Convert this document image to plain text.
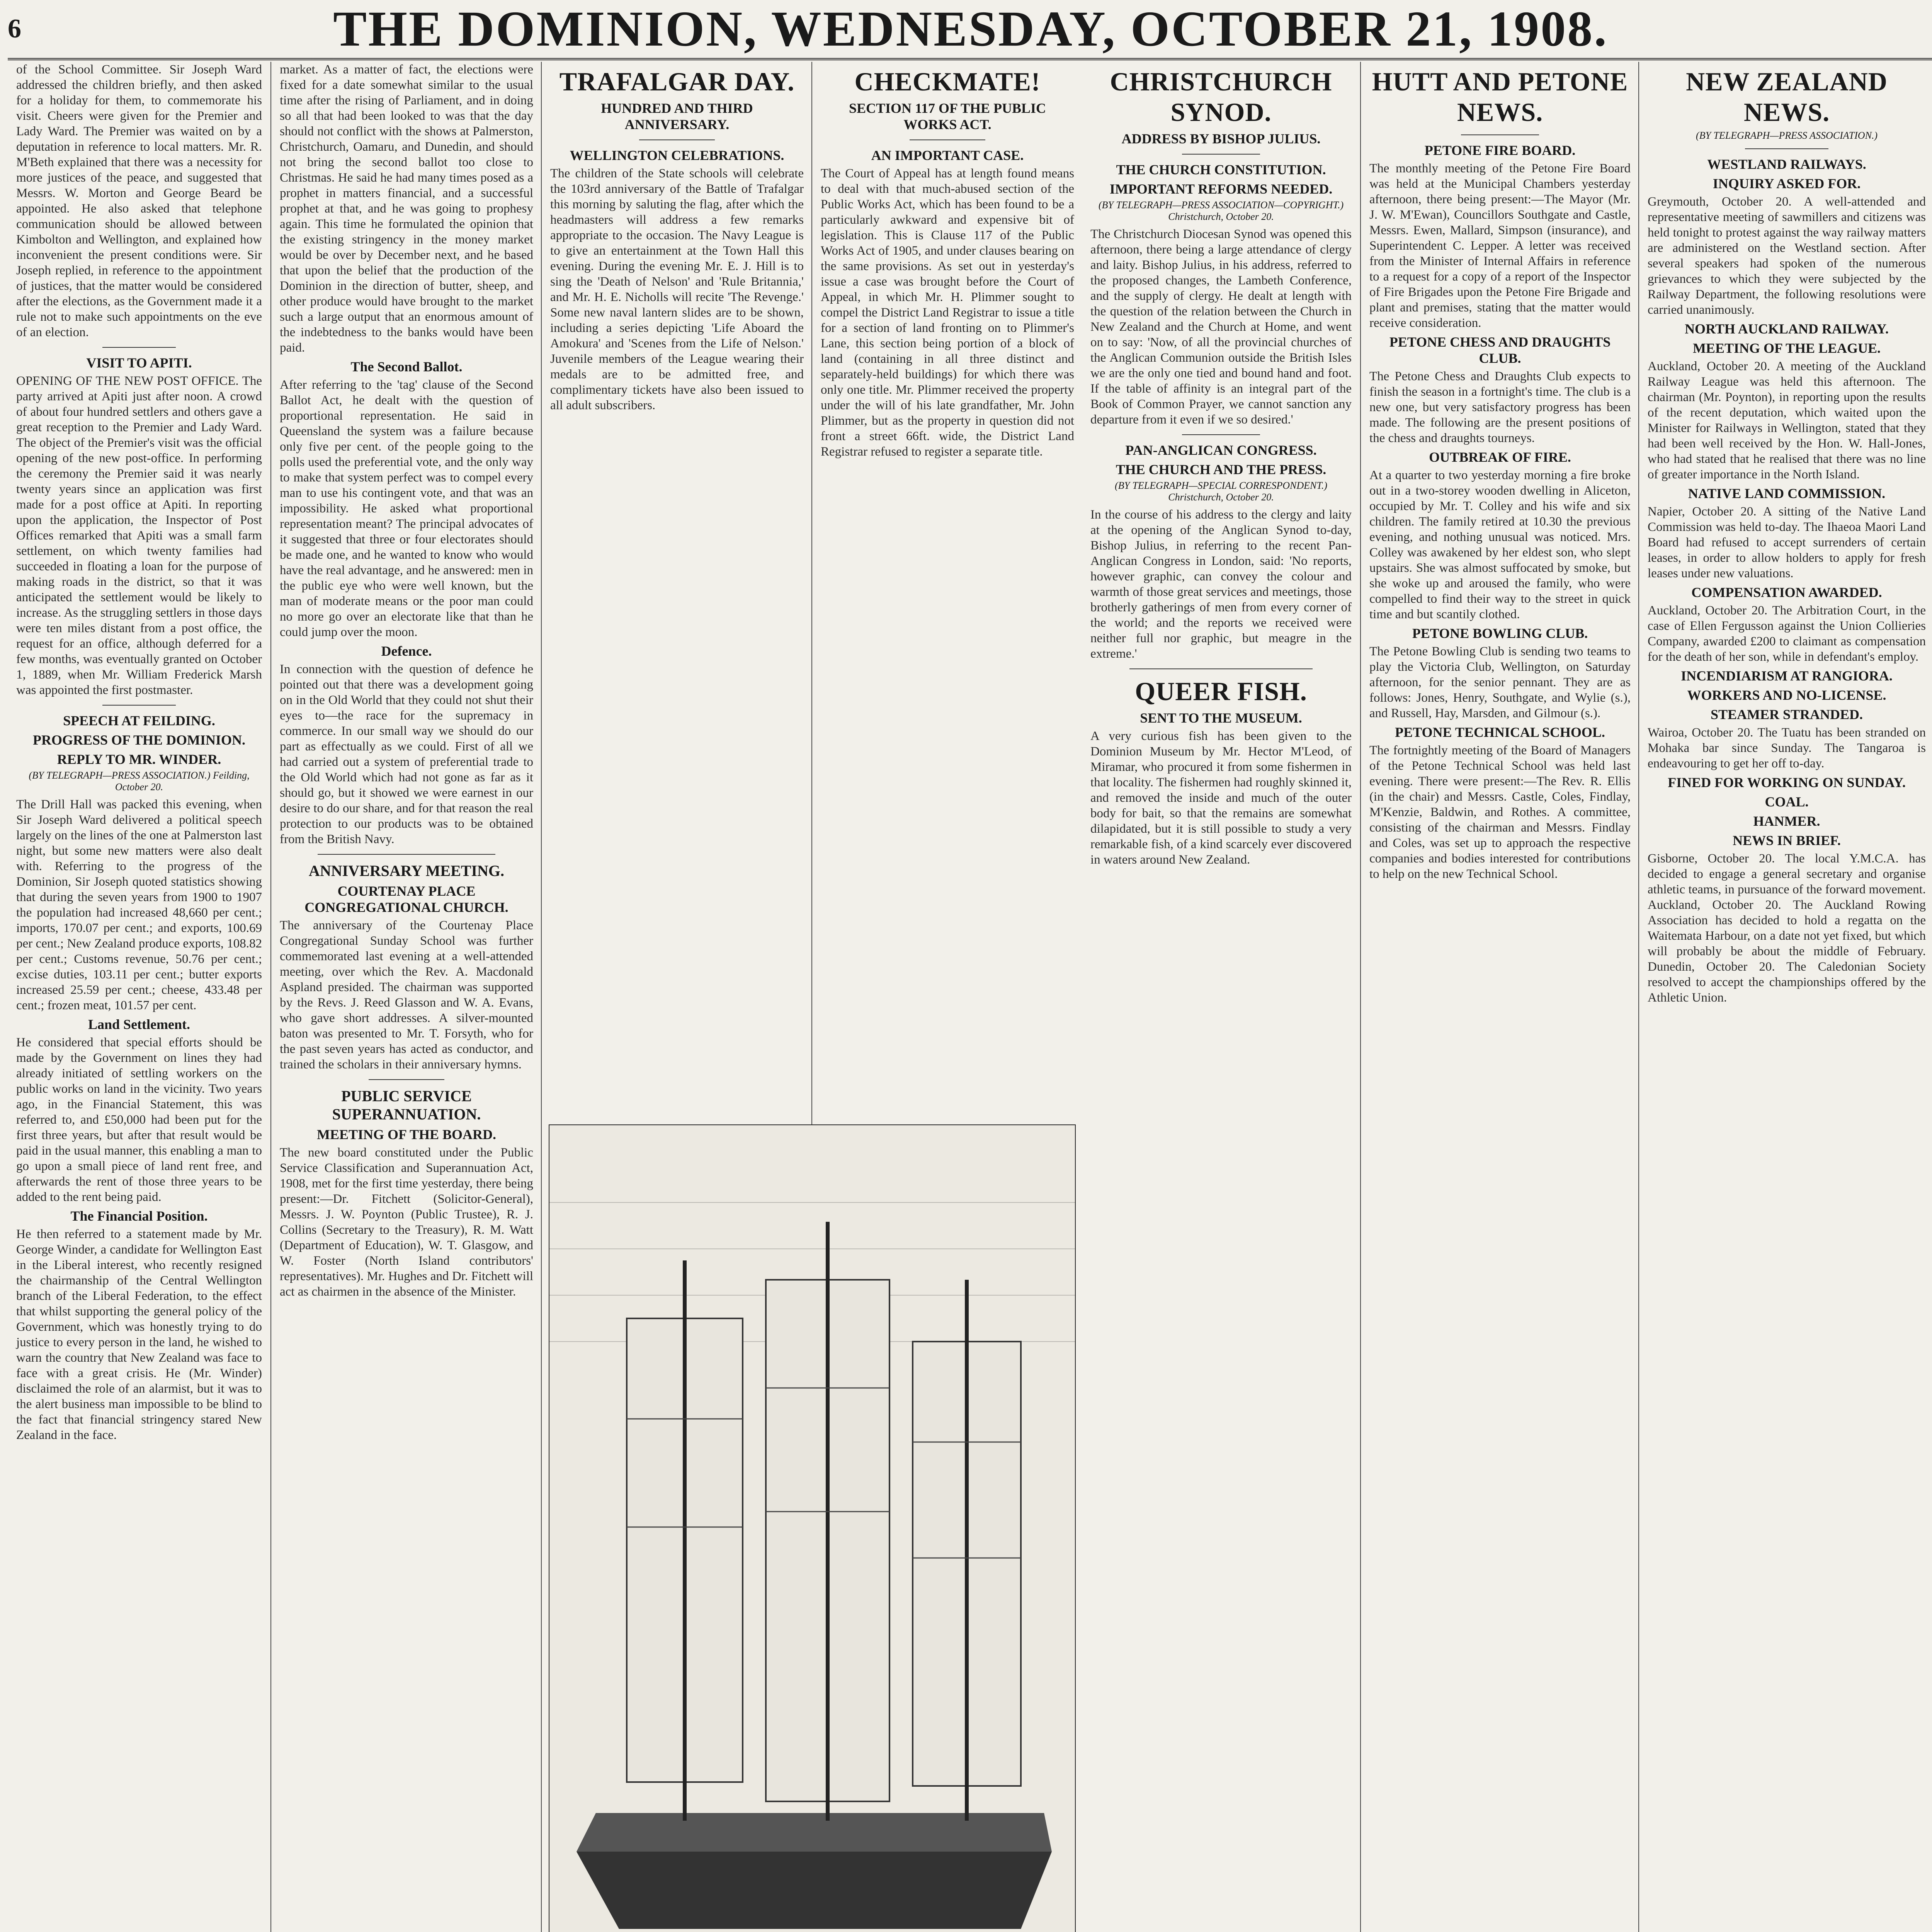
6	THE DOMINION, WEDNESDAY, OCTOBER 21, 1908.
of the School Committee. Sir Joseph Ward addressed the children briefly, and then asked for a holiday for them, to commemorate his visit. Cheers were given for the Premier and Lady Ward. The Premier was waited on by a deputation in reference to local matters. Mr. R. M'Beth explained that there was a necessity for more justices of the peace, and suggested that Messrs. W. Morton and George Beard be appointed. He also asked that telephone communication should be allowed between Kimbolton and Wellington, and explained how inconvenient the present conditions were. Sir Joseph replied, in reference to the appointment of justices, that the matter would be considered after the elections, as the Government made it a rule not to make such appointments on the eve of an election.
VISIT TO APITI.
OPENING OF THE NEW POST OFFICE. The party arrived at Apiti just after noon. A crowd of about four hundred settlers and others gave a great reception to the Premier and Lady Ward. The object of the Premier's visit was the official opening of the new post-office. In performing the ceremony the Premier said it was nearly twenty years since an application was first made for a post office at Apiti. In reporting upon the application, the Inspector of Post Offices remarked that Apiti was a small farm settlement, on which twenty families had succeeded in floating a loan for the purpose of making roads in the district, so that it was anticipated the settlement would be likely to increase. As the struggling settlers in those days were ten miles distant from a post office, the request for an office, although deferred for a few months, was eventually granted on October 1, 1889, when Mr. William Frederick Marsh was appointed the first postmaster.
SPEECH AT FEILDING.
PROGRESS OF THE DOMINION.
REPLY TO MR. WINDER.
(BY TELEGRAPH—PRESS ASSOCIATION.) Feilding, October 20.
The Drill Hall was packed this evening, when Sir Joseph Ward delivered a political speech largely on the lines of the one at Palmerston last night, but some new matters were also dealt with. Referring to the progress of the Dominion, Sir Joseph quoted statistics showing that during the seven years from 1900 to 1907 the population had increased 48,660 per cent.; imports, 170.07 per cent.; and exports, 100.69 per cent.; New Zealand produce exports, 108.82 per cent.; Customs revenue, 50.76 per cent.; excise duties, 103.11 per cent.; butter exports increased 25.59 per cent.; cheese, 433.48 per cent.; frozen meat, 101.57 per cent.
Land Settlement.
He considered that special efforts should be made by the Government on lines they had already initiated of settling workers on the public works on land in the vicinity. Two years ago, in the Financial Statement, this was referred to, and £50,000 had been put for the first three years, but after that result would be paid in the usual manner, this enabling a man to go upon a small piece of land rent free, and afterwards the rent of those three years to be added to the rent being paid.
The Financial Position.
He then referred to a statement made by Mr. George Winder, a candidate for Wellington East in the Liberal interest, who recently resigned the chairmanship of the Central Wellington branch of the Liberal Federation, to the effect that whilst supporting the general policy of the Government, which was honestly trying to do justice to every person in the land, he wished to warn the country that New Zealand was face to face with a great crisis. He (Mr. Winder) disclaimed the role of an alarmist, but it was to the alert business man impossible to be blind to the fact that financial stringency stared New Zealand in the face.
market. As a matter of fact, the elections were fixed for a date somewhat similar to the usual time after the rising of Parliament, and in doing so all that had been looked to was that the day should not conflict with the shows at Palmerston, Christchurch, Oamaru, and Dunedin, and should not bring the second ballot too close to Christmas. He said he had many times posed as a prophet in matters financial, and a successful prophet at that, and he was going to prophesy again. This time he formulated the opinion that the existing stringency in the money market would be over by December next, and he based that upon the belief that the production of the Dominion in the direction of butter, sheep, and other produce would have brought to the market such a large output that an enormous amount of the indebtedness to the banks would have been paid.
The Second Ballot.
After referring to the 'tag' clause of the Second Ballot Act, he dealt with the question of proportional representation. He said in Queensland the system was a failure because only five per cent. of the people going to the polls used the preferential vote, and the only way to make that system perfect was to compel every man to use his contingent vote, and that was an impossibility. He asked what proportional representation meant? The principal advocates of it suggested that three or four electorates should be made one, and he wanted to know who would have the real advantage, and he answered: men in the public eye who were well known, but the man of moderate means or the poor man could no more go over an electorate like that than he could jump over the moon.
Defence.
In connection with the question of defence he pointed out that there was a development going on in the Old World that they could not shut their eyes to—the race for the supremacy in commerce. In our small way we should do our part as effectually as we could. First of all we had carried out a system of preferential trade to the Old World which had not gone as far as it should go, but it showed we were earnest in our desire to do our share, and for that reason the real protection to our products was to be obtained from the British Navy.
ANNIVERSARY MEETING.
COURTENAY PLACE CONGREGATIONAL CHURCH.
The anniversary of the Courtenay Place Congregational Sunday School was further commemorated last evening at a well-attended meeting, over which the Rev. A. Macdonald Aspland presided. The chairman was supported by the Revs. J. Reed Glasson and W. A. Evans, who gave short addresses. A silver-mounted baton was presented to Mr. T. Forsyth, who for the past seven years has acted as conductor, and trained the scholars in their anniversary hymns.
PUBLIC SERVICE SUPERANNUATION.
MEETING OF THE BOARD.
The new board constituted under the Public Service Classification and Superannuation Act, 1908, met for the first time yesterday, there being present:—Dr. Fitchett (Solicitor-General), Messrs. J. W. Poynton (Public Trustee), R. J. Collins (Secretary to the Treasury), R. M. Watt (Department of Education), W. T. Glasgow, and W. Foster (North Island contributors' representatives). Mr. Hughes and Dr. Fitchett will act as chairmen in the absence of the Minister.
TRAFALGAR DAY.
HUNDRED AND THIRD ANNIVERSARY.
WELLINGTON CELEBRATIONS.
The children of the State schools will celebrate the 103rd anniversary of the Battle of Trafalgar this morning by saluting the flag, after which the headmasters will address a few remarks appropriate to the occasion. The Navy League is to give an entertainment at the Town Hall this evening. During the evening Mr. E. J. Hill is to sing the 'Death of Nelson' and 'Rule Britannia,' and Mr. H. E. Nicholls will recite 'The Revenge.' Some new naval lantern slides are to be shown, including a series depicting 'Life Aboard the Amokura' and 'Scenes from the Life of Nelson.' Juvenile members of the League wearing their medals are to be admitted free, and complimentary tickets have also been issued to all adult subscribers.
CHECKMATE!
SECTION 117 OF THE PUBLIC WORKS ACT.
AN IMPORTANT CASE.
The Court of Appeal has at length found means to deal with that much-abused section of the Public Works Act, which has been found to be a particularly awkward and expensive bit of legislation. This is Clause 117 of the Public Works Act of 1905, and under clauses bearing on the same provisions. As set out in yesterday's issue a case was brought before the Court of Appeal, in which Mr. H. Plimmer sought to compel the District Land Registrar to issue a title for a section of land fronting on to Plimmer's Lane, this section being portion of a block of land (containing in all three distinct and separately-held buildings) for which there was only one title. Mr. Plimmer received the property under the will of his late grandfather, Mr. John Plimmer, but as the property in question did not front a street 66ft. wide, the District Land Registrar refused to register a separate title.
CHRISTCHURCH SYNOD.
ADDRESS BY BISHOP JULIUS.
THE CHURCH CONSTITUTION.
IMPORTANT REFORMS NEEDED.
(BY TELEGRAPH—PRESS ASSOCIATION—COPYRIGHT.) Christchurch, October 20.
The Christchurch Diocesan Synod was opened this afternoon, there being a large attendance of clergy and laity. Bishop Julius, in his address, referred to the proposed changes, the Lambeth Conference, and the supply of clergy. He dealt at length with the question of the relation between the Church in New Zealand and the Church at Home, and went on to say: 'Now, of all the provincial churches of the Anglican Communion outside the British Isles we are the only one tied and bound hand and foot. If the table of affinity is an integral part of the Book of Common Prayer, we cannot sanction any departure from it even if we so desired.'
PAN-ANGLICAN CONGRESS.
THE CHURCH AND THE PRESS.
(BY TELEGRAPH—SPECIAL CORRESPONDENT.) Christchurch, October 20.
In the course of his address to the clergy and laity at the opening of the Anglican Synod to-day, Bishop Julius, in referring to the recent Pan-Anglican Congress in London, said: 'No reports, however graphic, can convey the colour and warmth of those great services and meetings, those brotherly gatherings of men from every corner of the world; and the reports we received were neither full nor graphic, but meagre in the extreme.'
QUEER FISH.
SENT TO THE MUSEUM.
A very curious fish has been given to the Dominion Museum by Mr. Hector M'Leod, of Miramar, who procured it from some fishermen in that locality. The fishermen had roughly skinned it, and removed the inside and much of the outer body for bait, so that the remains are somewhat dilapidated, but it is still possible to study a very remarkable fish, of a kind scarcely ever discovered in waters around New Zealand.
HUTT AND PETONE NEWS.
PETONE FIRE BOARD.
The monthly meeting of the Petone Fire Board was held at the Municipal Chambers yesterday afternoon, there being present:—The Mayor (Mr. J. W. M'Ewan), Councillors Southgate and Castle, Messrs. Ewen, Mallard, Simpson (insurance), and Superintendent C. Lepper. A letter was received from the Minister of Internal Affairs in reference to a request for a copy of a report of the Inspector of Fire Brigades upon the Petone Fire Brigade and plant and premises, stating that the matter would receive consideration.
PETONE CHESS AND DRAUGHTS CLUB.
The Petone Chess and Draughts Club expects to finish the season in a fortnight's time. The club is a new one, but very satisfactory progress has been made. The following are the present positions of the chess and draughts tourneys.
OUTBREAK OF FIRE.
At a quarter to two yesterday morning a fire broke out in a two-storey wooden dwelling in Aliceton, occupied by Mr. T. Colley and his wife and six children. The family retired at 10.30 the previous evening, and nothing unusual was noticed. Mrs. Colley was awakened by her eldest son, who slept upstairs. She was almost suffocated by smoke, but she woke up and aroused the family, who were compelled to find their way to the street in quick time and but scantily clothed.
PETONE BOWLING CLUB.
The Petone Bowling Club is sending two teams to play the Victoria Club, Wellington, on Saturday afternoon, for the senior pennant. They are as follows: Jones, Henry, Southgate, and Wylie (s.), and Russell, Hay, Marsden, and Gilmour (s.).
PETONE TECHNICAL SCHOOL.
The fortnightly meeting of the Board of Managers of the Petone Technical School was held last evening. There were present:—The Rev. R. Ellis (in the chair) and Messrs. Castle, Coles, Findlay, M'Kenzie, Baldwin, and Rothes. A committee, consisting of the chairman and Messrs. Findlay and Coles, was set up to approach the respective companies and bodies interested for contributions to help on the new Technical School.
NEW ZEALAND NEWS.
(BY TELEGRAPH—PRESS ASSOCIATION.)
WESTLAND RAILWAYS.
INQUIRY ASKED FOR.
Greymouth, October 20. A well-attended and representative meeting of sawmillers and citizens was held tonight to protest against the way railway matters are administered on the Westland section. After several speakers had spoken of the numerous grievances to which they were subjected by the Railway Department, the following resolutions were carried unanimously.
NORTH AUCKLAND RAILWAY.
MEETING OF THE LEAGUE.
Auckland, October 20. A meeting of the Auckland Railway League was held this afternoon. The chairman (Mr. Poynton), in reporting upon the results of the recent deputation, which waited upon the Minister for Railways in Wellington, stated that they had been well received by the Hon. W. Hall-Jones, who had stated that he realised that there was no line of greater importance in the North Island.
NATIVE LAND COMMISSION.
Napier, October 20. A sitting of the Native Land Commission was held to-day. The Ihaeoa Maori Land Board had refused to accept surrenders of certain leases, in order to allow holders to apply for fresh leases under new valuations.
COMPENSATION AWARDED.
Auckland, October 20. The Arbitration Court, in the case of Ellen Fergusson against the Union Collieries Company, awarded £200 to claimant as compensation for the death of her son, while in defendant's employ.
INCENDIARISM AT RANGIORA.
WORKERS AND NO-LICENSE.
STEAMER STRANDED.
Wairoa, October 20. The Tuatu has been stranded on Mohaka bar since Sunday. The Tangaroa is endeavouring to get her off to-day.
FINED FOR WORKING ON SUNDAY.
COAL.
HANMER.
NEWS IN BRIEF.
Gisborne, October 20. The local Y.M.C.A. has decided to engage a general secretary and organise athletic teams, in pursuance of the forward movement. Auckland, October 20. The Auckland Rowing Association has decided to hold a regatta on the Waitemata Harbour, on a date not yet fixed, but which will probably be about the middle of February. Dunedin, October 20. The Caledonian Society resolved to accept the championships offered by the Athletic Union.
